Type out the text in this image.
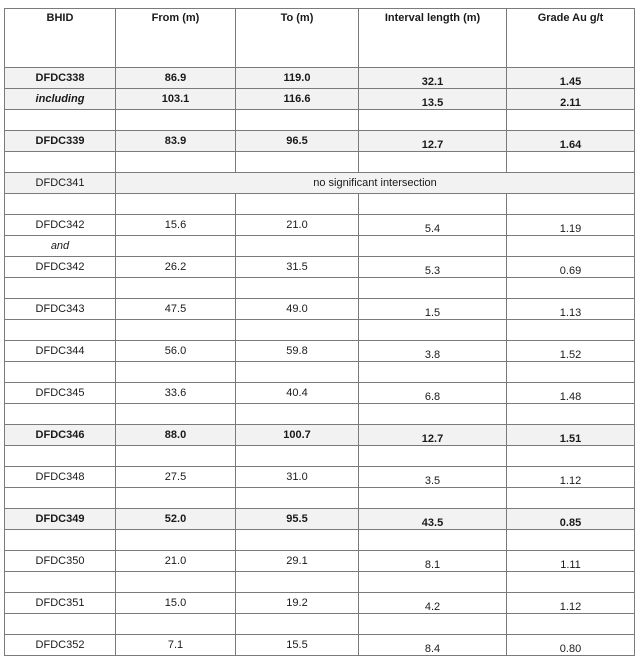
BHID	From (m)	To (m)	Interval length (m)	Grade Au g/t
DFDC338	86.9	119.0	32.1	1.45
including	103.1	116.6	13.5	2.11

DFDC339	83.9	96.5	12.7	1.64

DFDC341	no significant intersection			

DFDC342	15.6	21.0	5.4	1.19
and				
DFDC342	26.2	31.5	5.3	0.69

DFDC343	47.5	49.0	1.5	1.13

DFDC344	56.0	59.8	3.8	1.52

DFDC345	33.6	40.4	6.8	1.48

DFDC346	88.0	100.7	12.7	1.51

DFDC348	27.5	31.0	3.5	1.12

DFDC349	52.0	95.5	43.5	0.85

DFDC350	21.0	29.1	8.1	1.11

DFDC351	15.0	19.2	4.2	1.12

DFDC352	7.1	15.5	8.4	0.80
